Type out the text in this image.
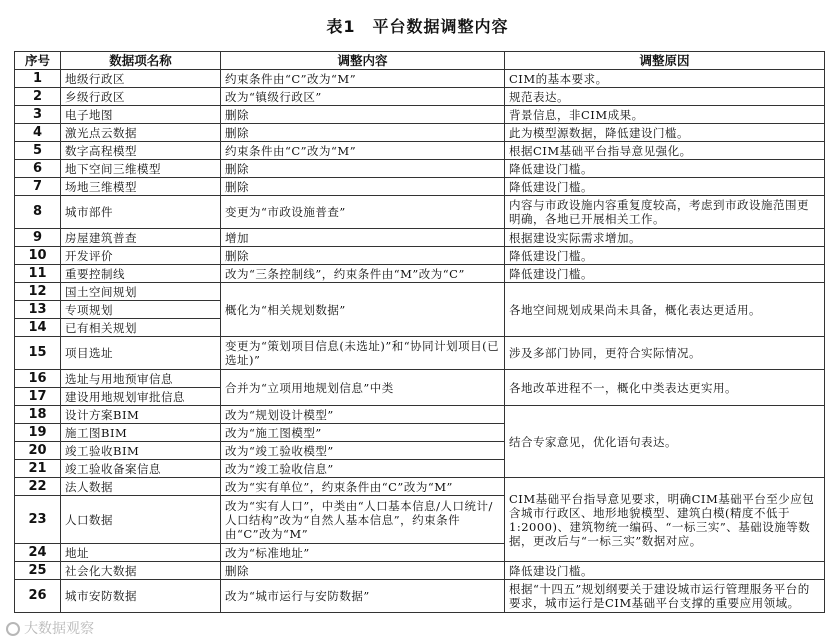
表1　平台数据调整内容
序号	数据项名称	调整内容	调整原因
1	地级行政区	约束条件由“C”改为“M”	CIM的基本要求。
2	乡级行政区	改为“镇级行政区”	规范表达。
3	电子地图	删除	背景信息，非CIM成果。
4	激光点云数据	删除	此为模型源数据，降低建设门槛。
5	数字高程模型	约束条件由“C”改为“M”	根据CIM基础平台指导意见强化。
6	地下空间三维模型	删除	降低建设门槛。
7	场地三维模型	删除	降低建设门槛。
8	城市部件	变更为“市政设施普查”	内容与市政设施内容重复度较高，考虑到市政设施范围更明确，各地已开展相关工作。
9	房屋建筑普查	增加	根据建设实际需求增加。
10	开发评价	删除	降低建设门槛。
11	重要控制线	改为“三条控制线”，约束条件由“M”改为“C”	降低建设门槛。
12	国土空间规划	概化为“相关规划数据”	各地空间规划成果尚未具备，概化表达更适用。
13	专项规划		
14	已有相关规划		
15	项目选址	变更为“策划项目信息(未选址)”和“协同计划项目(已选址)”	涉及多部门协同，更符合实际情况。
16	选址与用地预审信息	合并为“立项用地规划信息”中类	各地改革进程不一，概化中类表达更实用。
17	建设用地规划审批信息		
18	设计方案BIM	改为“规划设计模型”	结合专家意见，优化语句表达。
19	施工图BIM	改为“施工图模型”	
20	竣工验收BIM	改为“竣工验收模型”	
21	竣工验收备案信息	改为“竣工验收信息”	
22	法人数据	改为“实有单位”，约束条件由“C”改为“M”	CIM基础平台指导意见要求，明确CIM基础平台至少应包含城市行政区、地形地貌模型、建筑白模(精度不低于1:2000)、建筑物统一编码、“一标三实”、基础设施等数据，更改后与“一标三实”数据对应。
23	人口数据	改为“实有人口”，中类由“人口基本信息/人口统计/人口结构”改为“自然人基本信息”，约束条件由“C”改为“M”	
24	地址	改为“标准地址”	
25	社会化大数据	删除	降低建设门槛。
26	城市安防数据	改为“城市运行与安防数据”	根据“十四五”规划纲要关于建设城市运行管理服务平台的要求，城市运行是CIM基础平台支撑的重要应用领域。
大数据观察
